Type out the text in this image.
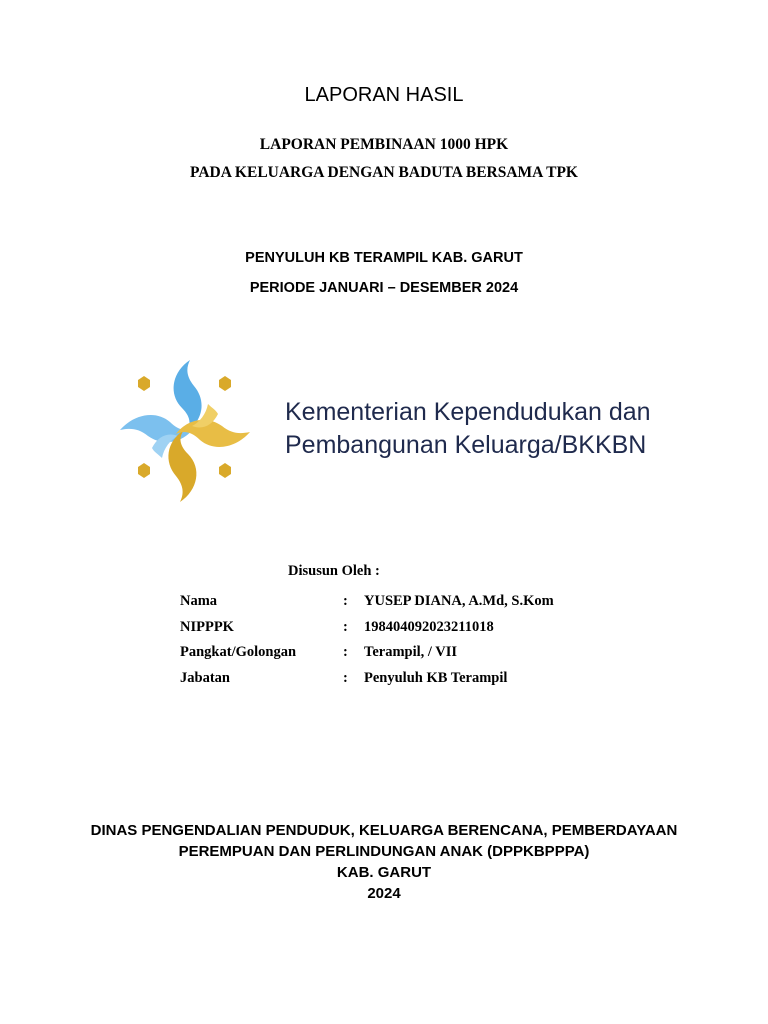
LAPORAN HASIL
LAPORAN PEMBINAAN 1000 HPK
PADA KELUARGA DENGAN BADUTA BERSAMA TPK
PENYULUH KB TERAMPIL KAB. GARUT
PERIODE JANUARI – DESEMBER 2024
Kementerian Kependudukan dan
Pembangunan Keluarga/BKKBN
Disusun Oleh :
Nama	: YUSEP DIANA, A.Md, S.Kom
NIPPPK	: 198404092023211018
Pangkat/Golongan	: Terampil, / VII
Jabatan	: Penyuluh KB Terampil
DINAS PENGENDALIAN PENDUDUK, KELUARGA BERENCANA, PEMBERDAYAAN
PEREMPUAN DAN PERLINDUNGAN ANAK (DPPKBPPPA)
KAB. GARUT
2024
